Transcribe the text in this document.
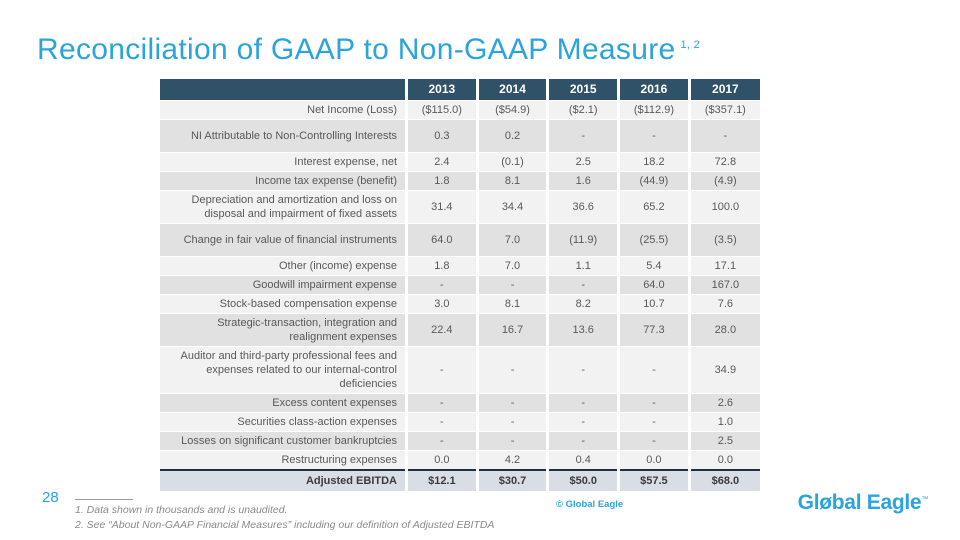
Reconciliation of GAAP to Non-GAAP Measure $^{1, 2}$
	2013	2014	2015	2016	2017
Net Income (Loss)	($115.0)	($54.9)	($2.1)	($112.9)	($357.1)
NI Attributable to Non-Controlling Interests	0.3	0.2	-	-	-
Interest expense, net	2.4	(0.1)	2.5	18.2	72.8
Income tax expense (benefit)	1.8	8.1	1.6	(44.9)	(4.9)
Depreciation and amortization and loss on disposal and impairment of fixed assets	31.4	34.4	36.6	65.2	100.0
Change in fair value of financial instruments	64.0	7.0	(11.9)	(25.5)	(3.5)
Other (income) expense	1.8	7.0	1.1	5.4	17.1
Goodwill impairment expense	-	-	-	64.0	167.0
Stock-based compensation expense	3.0	8.1	8.2	10.7	7.6
Strategic-transaction, integration and realignment expenses	22.4	16.7	13.6	77.3	28.0
Auditor and third-party professional fees and expenses related to our internal-control deficiencies	-	-	-	-	34.9
Excess content expenses	-	-	-	-	2.6
Securities class-action expenses	-	-	-	-	1.0
Losses on significant customer bankruptcies	-	-	-	-	2.5
Restructuring expenses	0.0	4.2	0.4	0.0	0.0
Adjusted EBITDA	$12.1	$30.7	$50.0	$57.5	$68.0
28
1. Data shown in thousands and is unaudited.
2. See “About Non-GAAP Financial Measures” including our definition of Adjusted EBITDA
© Global Eagle	Gløbal Eagle™
